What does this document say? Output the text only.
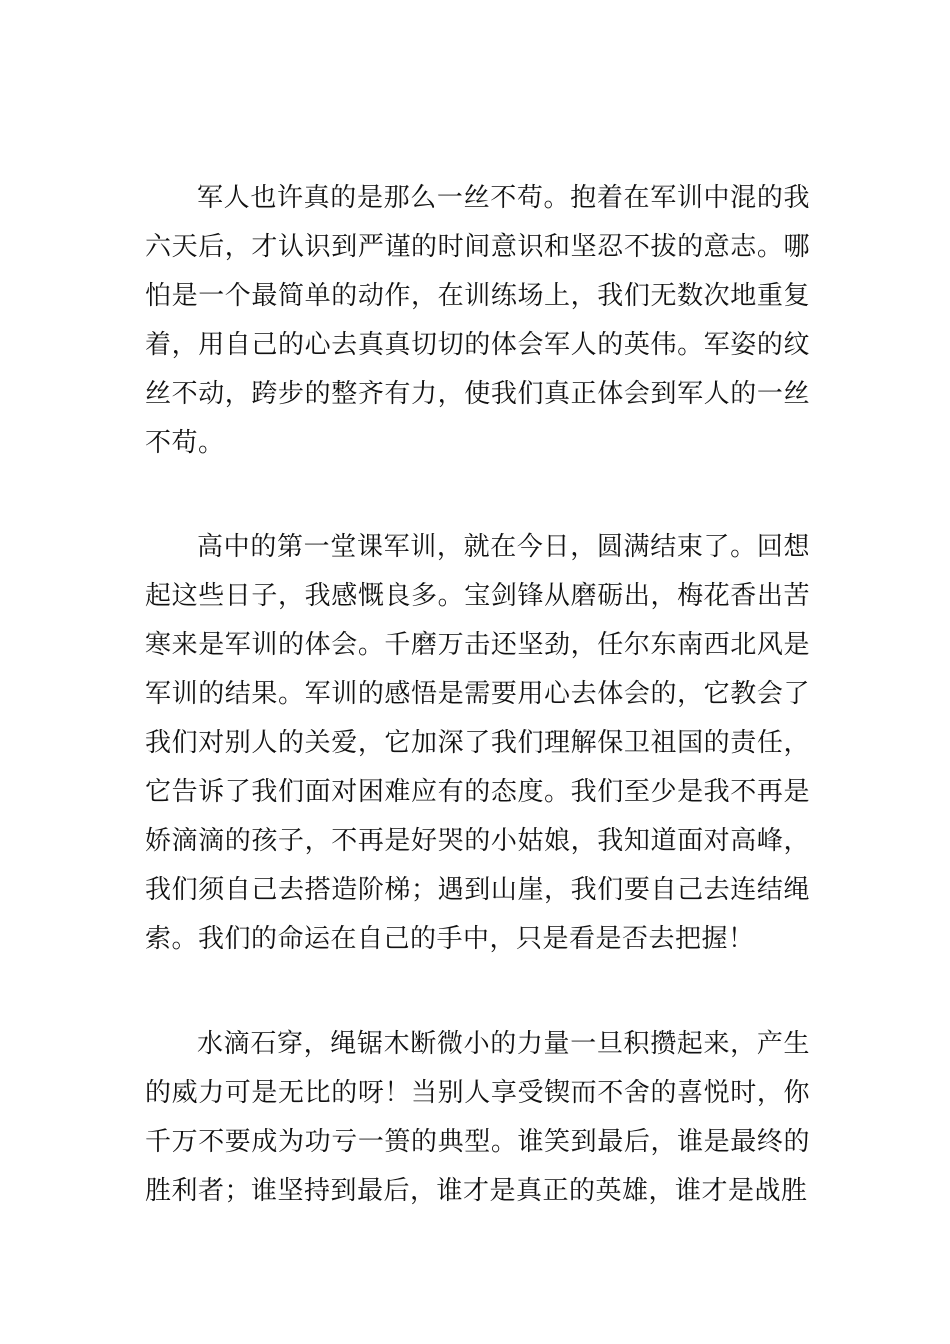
军人也许真的是那么一丝不苟。抱着在军训中混的我六天后，才认识到严谨的时间意识和坚忍不拔的意志。哪怕是一个最简单的动作，在训练场上，我们无数次地重复着，用自己的心去真真切切的体会军人的英伟。军姿的纹丝不动，跨步的整齐有力，使我们真正体会到军人的一丝不苟。

高中的第一堂课军训，就在今日，圆满结束了。回想起这些日子，我感慨良多。宝剑锋从磨砺出，梅花香出苦寒来是军训的体会。千磨万击还坚劲，任尔东南西北风是军训的结果。军训的感悟是需要用心去体会的，它教会了我们对别人的关爱，它加深了我们理解保卫祖国的责任，它告诉了我们面对困难应有的态度。我们至少是我不再是娇滴滴的孩子，不再是好哭的小姑娘，我知道面对高峰，我们须自己去搭造阶梯；遇到山崖，我们要自己去连结绳索。我们的命运在自己的手中，只是看是否去把握！

水滴石穿，绳锯木断微小的力量一旦积攒起来，产生的威力可是无比的呀！当别人享受锲而不舍的喜悦时，你千万不要成为功亏一篑的典型。谁笑到最后，谁是最终的胜利者；谁坚持到最后，谁才是真正的英雄，谁才是战胜
